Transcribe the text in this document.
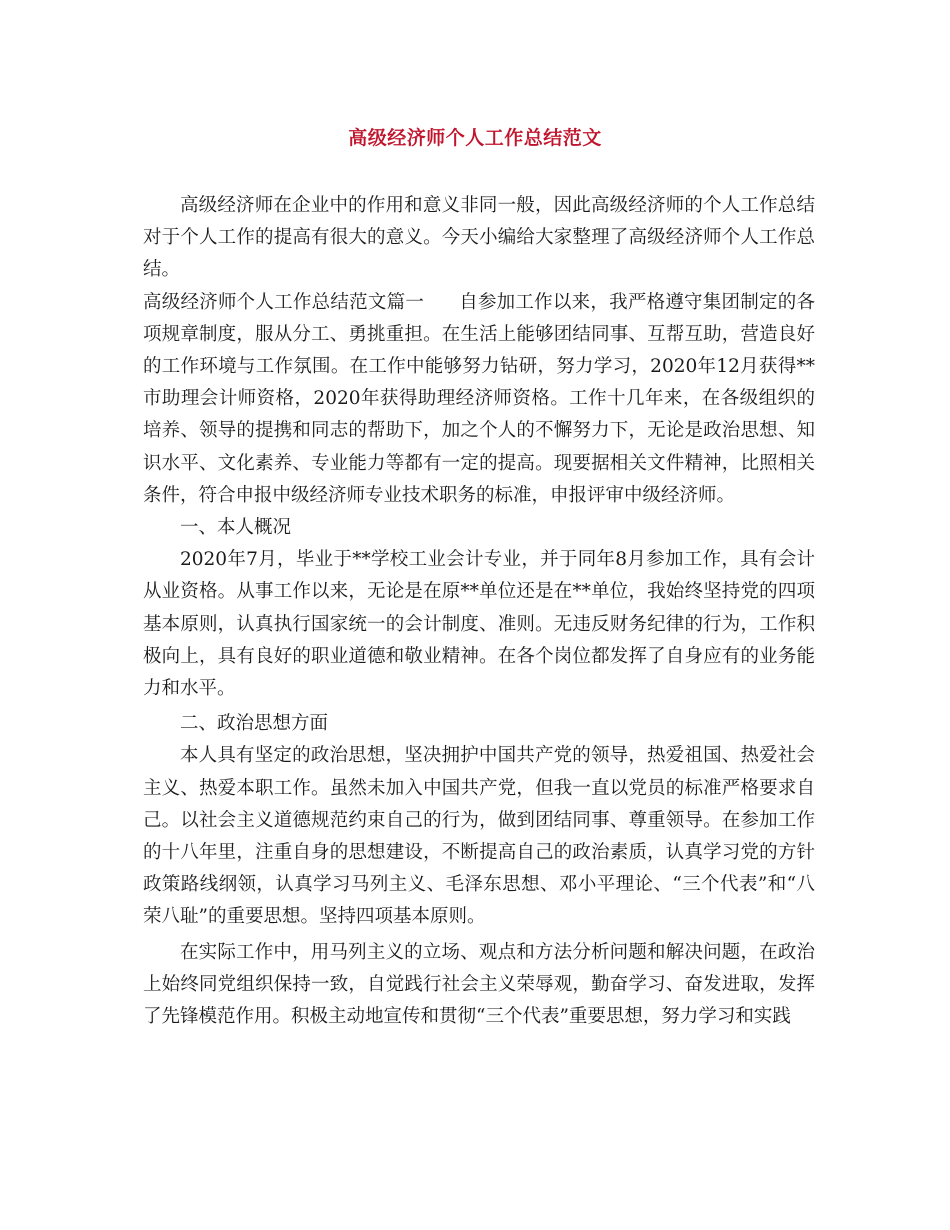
高级经济师个人工作总结范文

高级经济师在企业中的作用和意义非同一般，因此高级经济师的个人工作总结对于个人工作的提高有很大的意义。今天小编给大家整理了高级经济师个人工作总结。

高级经济师个人工作总结范文篇一 自参加工作以来，我严格遵守集团制定的各项规章制度，服从分工、勇挑重担。在生活上能够团结同事、互帮互助，营造良好的工作环境与工作氛围。在工作中能够努力钻研，努力学习，2020年12月获得**市助理会计师资格，2020年获得助理经济师资格。工作十几年来，在各级组织的培养、领导的提携和同志的帮助下，加之个人的不懈努力下，无论是政治思想、知识水平、文化素养、专业能力等都有一定的提高。现要据相关文件精神，比照相关条件，符合申报中级经济师专业技术职务的标准，申报评审中级经济师。

一、本人概况

2020年7月，毕业于**学校工业会计专业，并于同年8月参加工作，具有会计从业资格。从事工作以来，无论是在原**单位还是在**单位，我始终坚持党的四项基本原则，认真执行国家统一的会计制度、准则。无违反财务纪律的行为，工作积极向上，具有良好的职业道德和敬业精神。在各个岗位都发挥了自身应有的业务能力和水平。

二、政治思想方面

本人具有坚定的政治思想，坚决拥护中国共产党的领导，热爱祖国、热爱社会主义、热爱本职工作。虽然未加入中国共产党，但我一直以党员的标准严格要求自己。以社会主义道德规范约束自己的行为，做到团结同事、尊重领导。在参加工作的十八年里，注重自身的思想建设，不断提高自己的政治素质，认真学习党的方针政策路线纲领，认真学习马列主义、毛泽东思想、邓小平理论、“三个代表”和“八荣八耻”的重要思想。坚持四项基本原则。

在实际工作中，用马列主义的立场、观点和方法分析问题和解决问题，在政治上始终同党组织保持一致，自觉践行社会主义荣辱观，勤奋学习、奋发进取，发挥了先锋模范作用。积极主动地宣传和贯彻“三个代表”重要思想，努力学习和实践
